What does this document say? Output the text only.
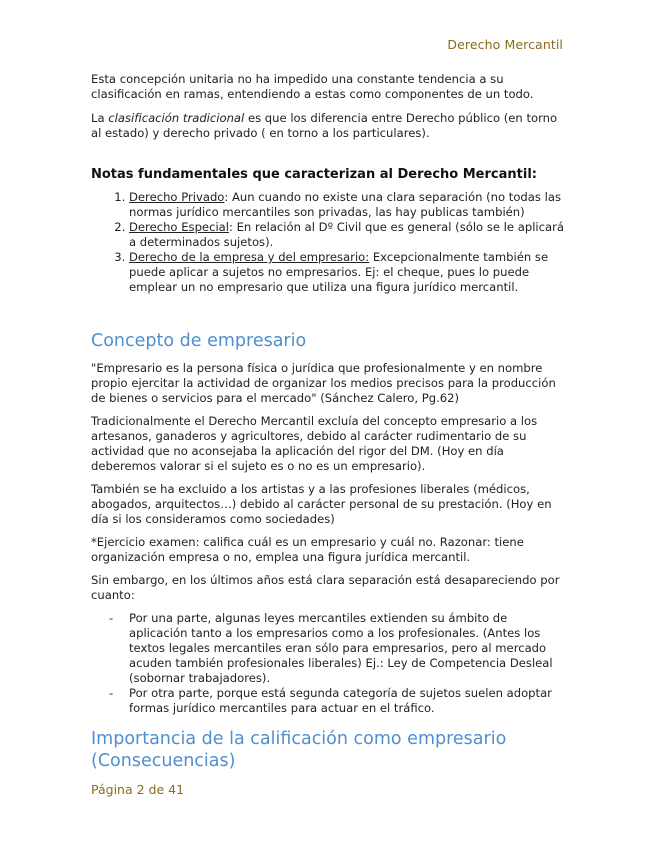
Derecho Mercantil

Esta concepción unitaria no ha impedido una constante tendencia a su clasificación en ramas, entendiendo a estas como componentes de un todo.

La clasificación tradicional es que los diferencia entre Derecho público (en torno al estado) y derecho privado ( en torno a los particulares).

Notas fundamentales que caracterizan al Derecho Mercantil:
1. Derecho Privado: Aun cuando no existe una clara separación (no todas las normas jurídico mercantiles son privadas, las hay publicas también)
2. Derecho Especial: En relación al Dº Civil que es general (sólo se le aplicará a determinados sujetos).
3. Derecho de la empresa y del empresario: Excepcionalmente también se puede aplicar a sujetos no empresarios. Ej: el cheque, pues lo puede emplear un no empresario que utiliza una figura jurídico mercantil.
Concepto de empresario

"Empresario es la persona física o jurídica que profesionalmente y en nombre propio ejercitar la actividad de organizar los medios precisos para la producción de bienes o servicios para el mercado" (Sánchez Calero, Pg.62)

Tradicionalmente el Derecho Mercantil excluía del concepto empresario a los artesanos, ganaderos y agricultores, debido al carácter rudimentario de su actividad que no aconsejaba la aplicación del rigor del DM. (Hoy en día deberemos valorar si el sujeto es o no es un empresario).

También se ha excluido a los artistas y a las profesiones liberales (médicos, abogados, arquitectos…) debido al carácter personal de su prestación. (Hoy en día si los consideramos como sociedades)

*Ejercicio examen: califica cuál es un empresario y cuál no. Razonar: tiene organización empresa o no, emplea una figura jurídica mercantil.

Sin embargo, en los últimos años está clara separación está desapareciendo por cuanto:

- Por una parte, algunas leyes mercantiles extienden su ámbito de aplicación tanto a los empresarios como a los profesionales. (Antes los textos legales mercantiles eran sólo para empresarios, pero al mercado acuden también profesionales liberales) Ej.: Ley de Competencia Desleal (sobornar trabajadores).
- Por otra parte, porque está segunda categoría de sujetos suelen adoptar formas jurídico mercantiles para actuar en el tráfico.
Importancia de la calificación como empresario (Consecuencias)
Página 2 de 41
